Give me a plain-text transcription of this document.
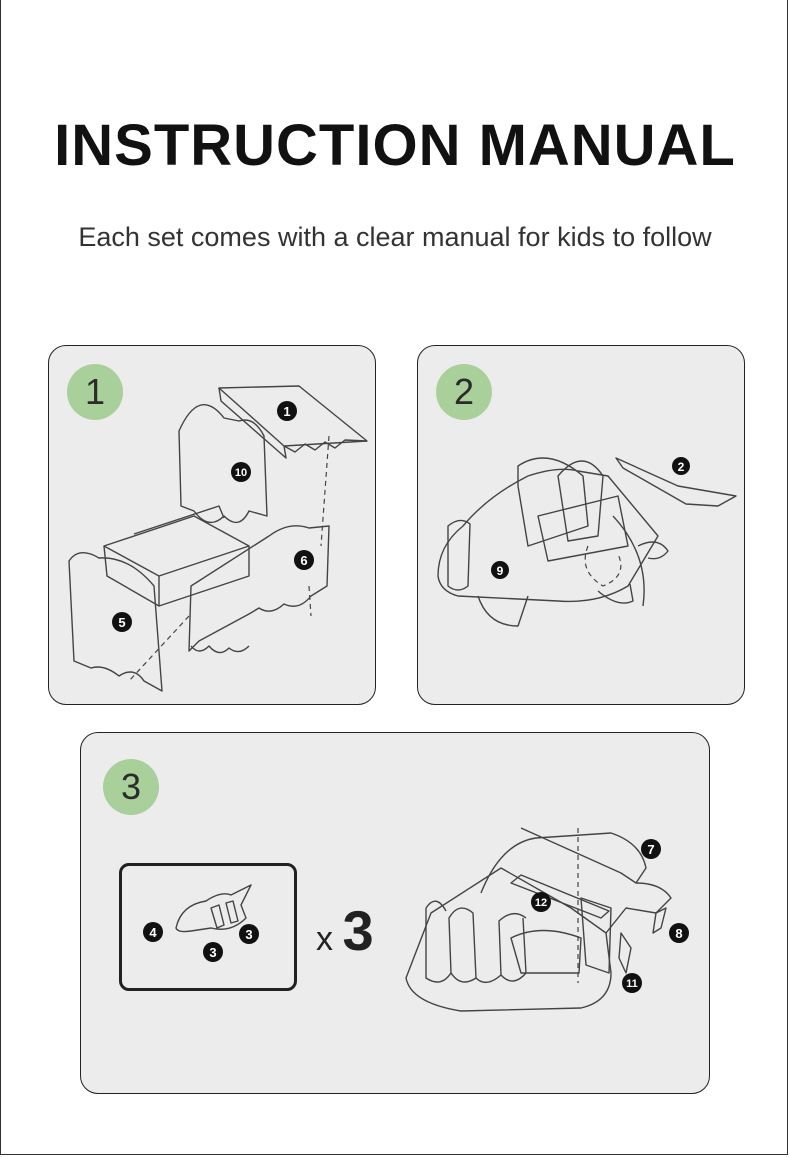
INSTRUCTION MANUAL
Each set comes with a clear manual for kids to follow
1
10
6
5
1
2
9
2
4
3
3
7
12
8
11
x 3
3
